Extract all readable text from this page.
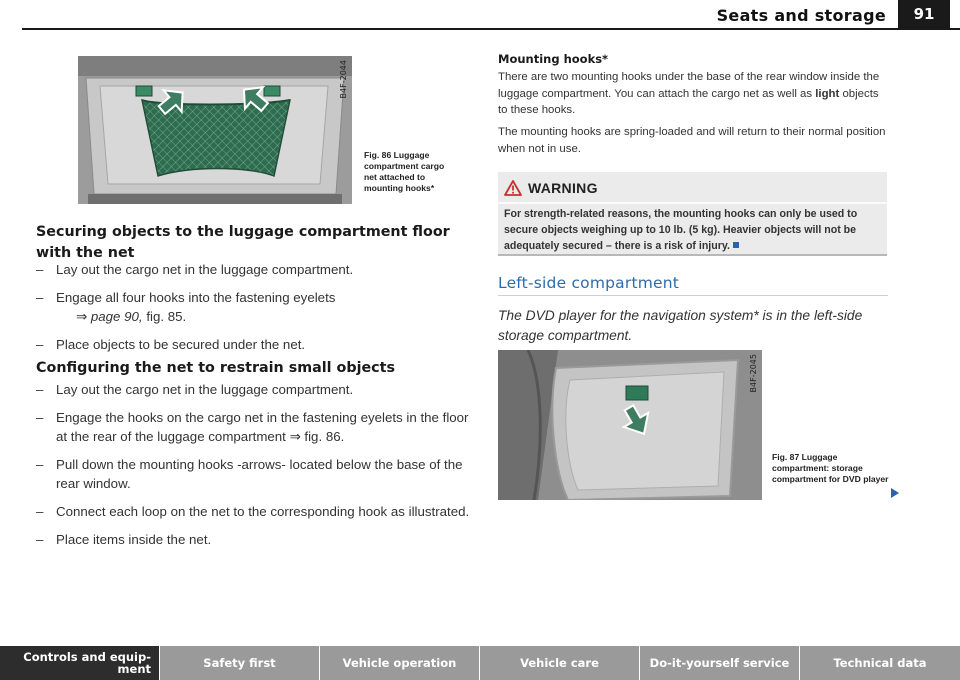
Seats and storage	91
B4F-2044
Fig. 86 Luggage compartment cargo net attached to mounting hooks*
Securing objects to the luggage compartment floor with the net
– Lay out the cargo net in the luggage compartment.
– Engage all four hooks into the fastening eyelets
⇒ page 90, fig. 85.
– Place objects to be secured under the net.
Configuring the net to restrain small objects
– Lay out the cargo net in the luggage compartment.
– Engage the hooks on the cargo net in the fastening eyelets in the floor at the rear of the luggage compartment ⇒ fig. 86.
– Pull down the mounting hooks -arrows- located below the base of the rear window.
– Connect each loop on the net to the corresponding hook as illustrated.
– Place items inside the net.
Mounting hooks*
There are two mounting hooks under the base of the rear window inside the luggage compartment. You can attach the cargo net as well as light objects to these hooks.
The mounting hooks are spring-loaded and will return to their normal position when not in use.
WARNING
For strength-related reasons, the mounting hooks can only be used to secure objects weighing up to 10 lb. (5 kg). Heavier objects will not be adequately secured – there is a risk of injury.
Left-side compartment
The DVD player for the navigation system* is in the left-side storage compartment.
B4F-2045
Fig. 87 Luggage compartment: storage compartment for DVD player
Controls and equip-
ment	Safety first	Vehicle operation	Vehicle care	Do-it-yourself service	Technical data
